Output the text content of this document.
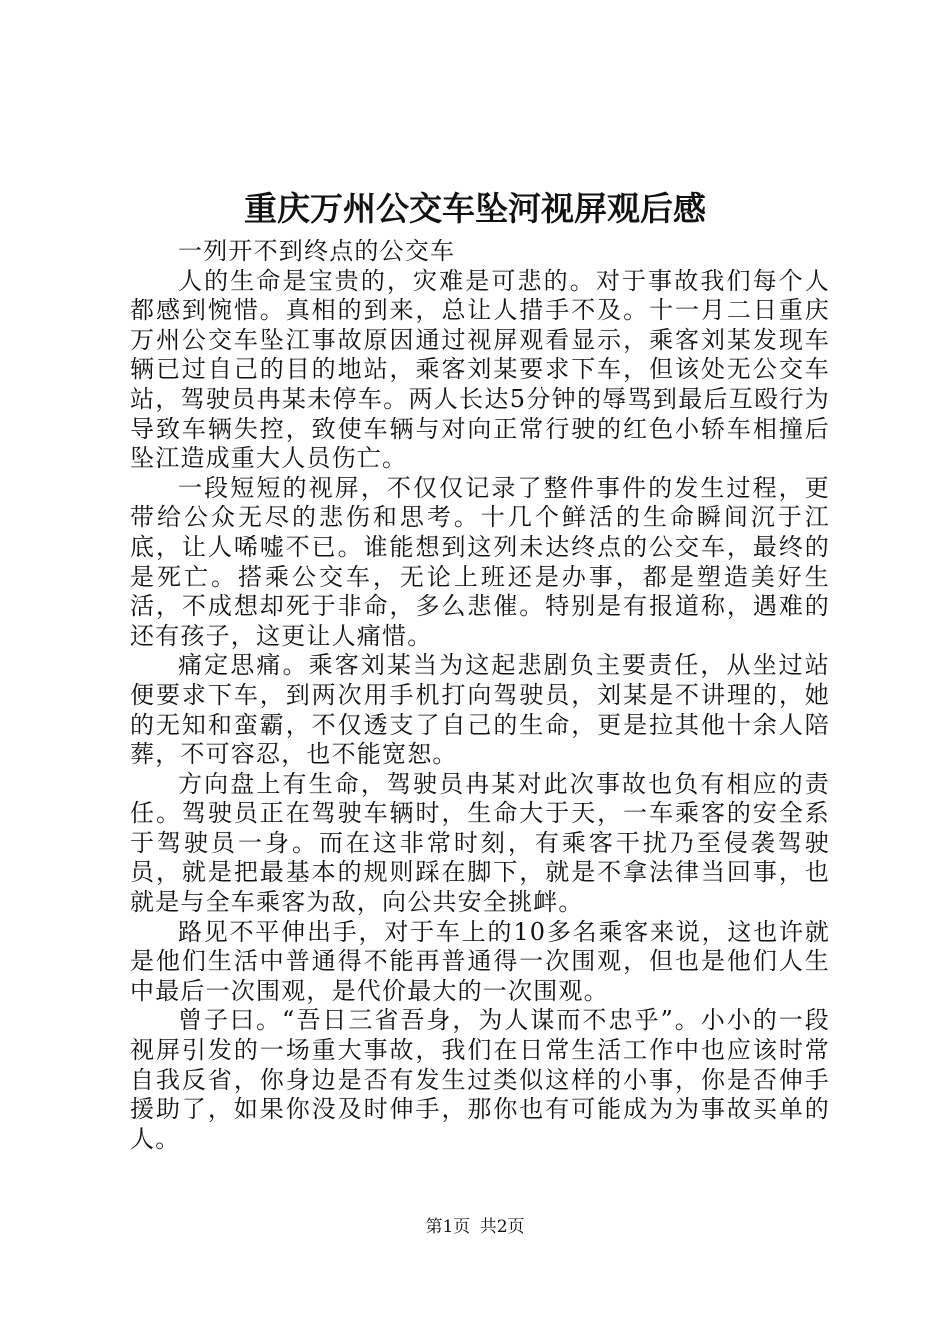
重庆万州公交车坠河视屏观后感

一列开不到终点的公交车

人的生命是宝贵的，灾难是可悲的。对于事故我们每个人都感到惋惜。真相的到来，总让人措手不及。十一月二日重庆万州公交车坠江事故原因通过视屏观看显示，乘客刘某发现车辆已过自己的目的地站，乘客刘某要求下车，但该处无公交车站，驾驶员冉某未停车。两人长达5分钟的辱骂到最后互殴行为导致车辆失控，致使车辆与对向正常行驶的红色小轿车相撞后坠江造成重大人员伤亡。

一段短短的视屏，不仅仅记录了整件事件的发生过程，更带给公众无尽的悲伤和思考。十几个鲜活的生命瞬间沉于江底，让人唏嘘不已。谁能想到这列未达终点的公交车，最终的是死亡。搭乘公交车，无论上班还是办事，都是塑造美好生活，不成想却死于非命，多么悲催。特别是有报道称，遇难的还有孩子，这更让人痛惜。

痛定思痛。乘客刘某当为这起悲剧负主要责任，从坐过站便要求下车，到两次用手机打向驾驶员，刘某是不讲理的，她的无知和蛮霸，不仅透支了自己的生命，更是拉其他十余人陪葬，不可容忍，也不能宽恕。

方向盘上有生命，驾驶员冉某对此次事故也负有相应的责任。驾驶员正在驾驶车辆时，生命大于天，一车乘客的安全系于驾驶员一身。而在这非常时刻，有乘客干扰乃至侵袭驾驶员，就是把最基本的规则踩在脚下，就是不拿法律当回事，也就是与全车乘客为敌，向公共安全挑衅。

路见不平伸出手，对于车上的10多名乘客来说，这也许就是他们生活中普通得不能再普通得一次围观，但也是他们人生中最后一次围观，是代价最大的一次围观。

曾子曰。“吾日三省吾身，为人谋而不忠乎”。小小的一段视屏引发的一场重大事故，我们在日常生活工作中也应该时常自我反省，你身边是否有发生过类似这样的小事，你是否伸手援助了，如果你没及时伸手，那你也有可能成为为事故买单的人。

第1页 共2页
